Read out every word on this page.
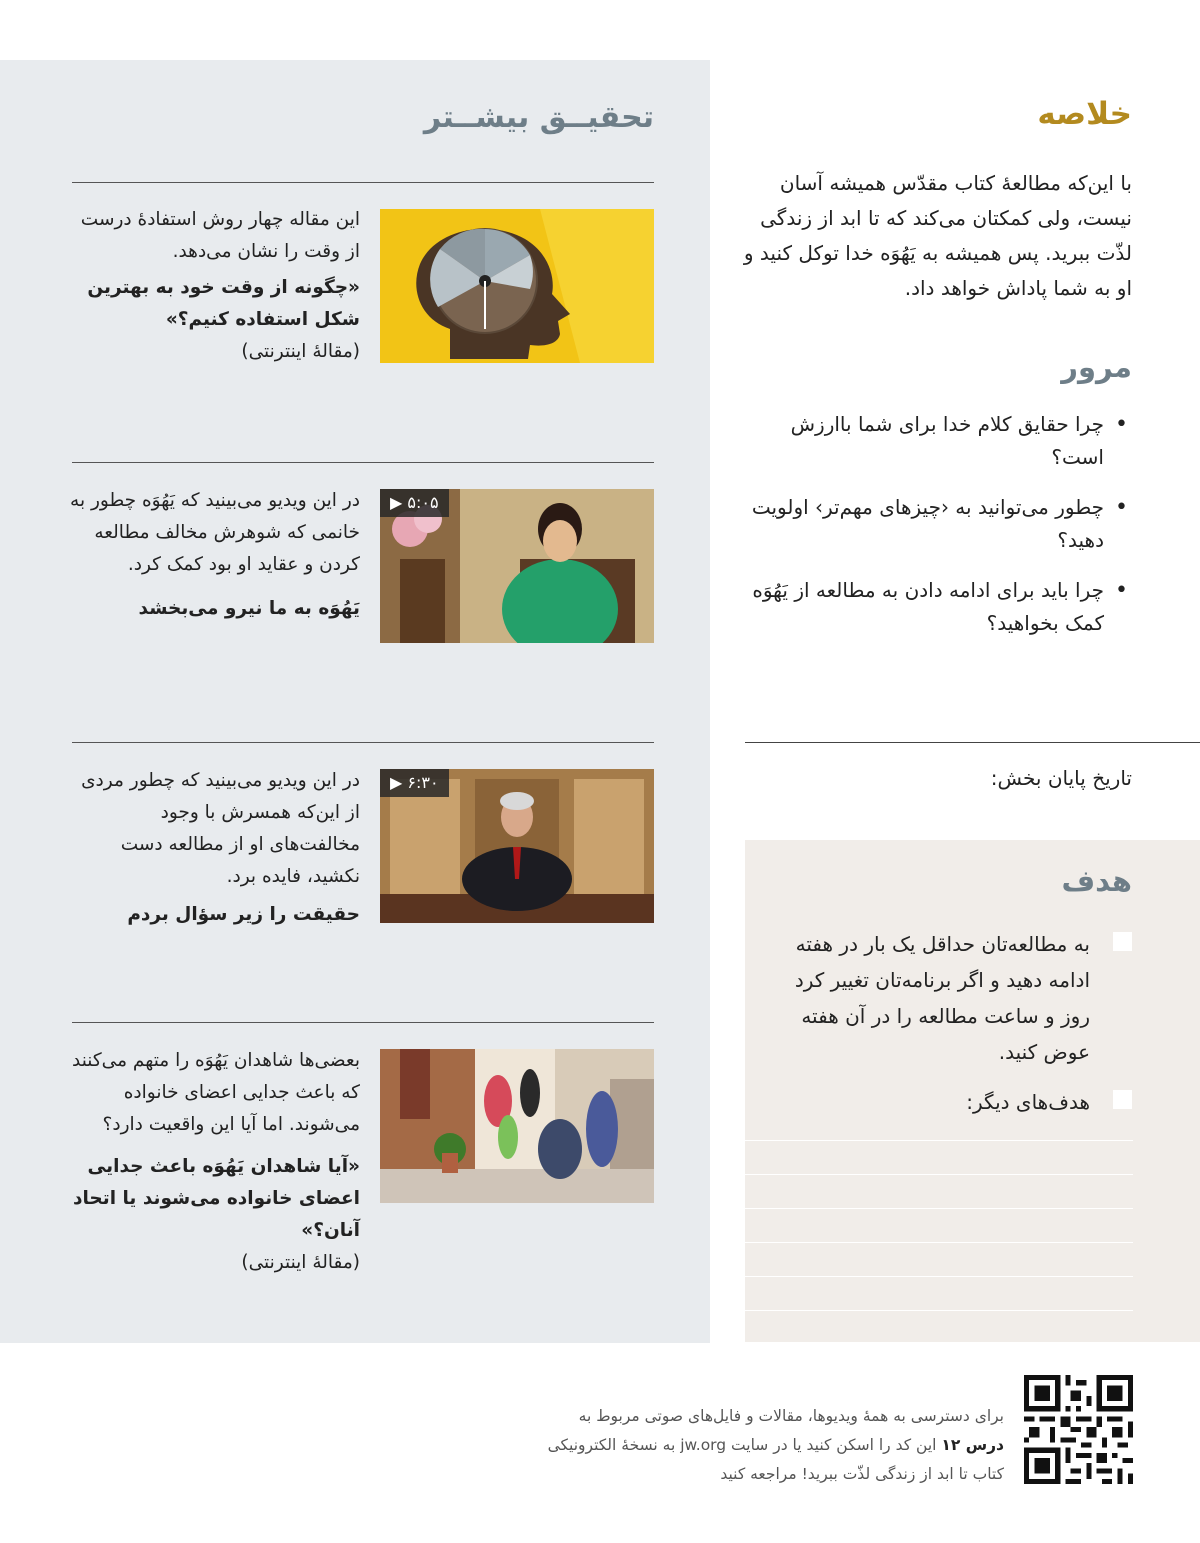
خلاصه
با این‌که مطالعهٔ کتاب مقدّس همیشه آسان نیست، ولی کمکتان می‌کند که تا ابد از زندگی لذّت ببرید. پس همیشه به یَهُوَه خدا توکل کنید و او به شما پاداش خواهد داد.
مرور
• چرا حقایق کلام خدا برای شما باارزش است؟
• چطور می‌توانید به ‹چیزهای مهم‌تر› اولویت دهید؟
• چرا باید برای ادامه دادن به مطالعه از یَهُوَه کمک بخواهید؟
تاریخ پایان بخش:
هدف
به مطالعه‌تان حداقل یک بار در هفته ادامه دهید و اگر برنامه‌تان تغییر کرد روز و ساعت مطالعه را در آن هفته عوض کنید.
هدف‌های دیگر:
تحقیــق بیشــتر
این مقاله چهار روش استفادهٔ درست از وقت را نشان می‌دهد.
«چگونه از وقت خود به بهترین شکل استفاده کنیم؟»
(مقالهٔ اینترنتی)
▶ ۵:۰۵
در این ویدیو می‌بینید که یَهُوَه چطور به خانمی که شوهرش مخالف مطالعه کردن و عقاید او بود کمک کرد.
یَهُوَه به ما نیرو می‌بخشد
▶ ۶:۳۰
در این ویدیو می‌بینید که چطور مردی از این‌که همسرش با وجود مخالفت‌های او از مطالعه دست نکشید، فایده برد.
حقیقت را زیر سؤال بردم
بعضی‌ها شاهدان یَهُوَه را متهم می‌کنند که باعث جدایی اعضای خانواده می‌شوند. اما آیا این واقعیت دارد؟
«آیا شاهدان یَهُوَه باعث جدایی اعضای خانواده می‌شوند یا اتحاد آنان؟»
(مقالهٔ اینترنتی)
برای دسترسی به همهٔ ویدیوها، مقالات و فایل‌های صوتی مربوط به
درس ۱۲ این کد را اسکن کنید یا در سایت jw.org به نسخهٔ الکترونیکی
کتاب تا ابد از زندگی لذّت ببرید! مراجعه کنید
